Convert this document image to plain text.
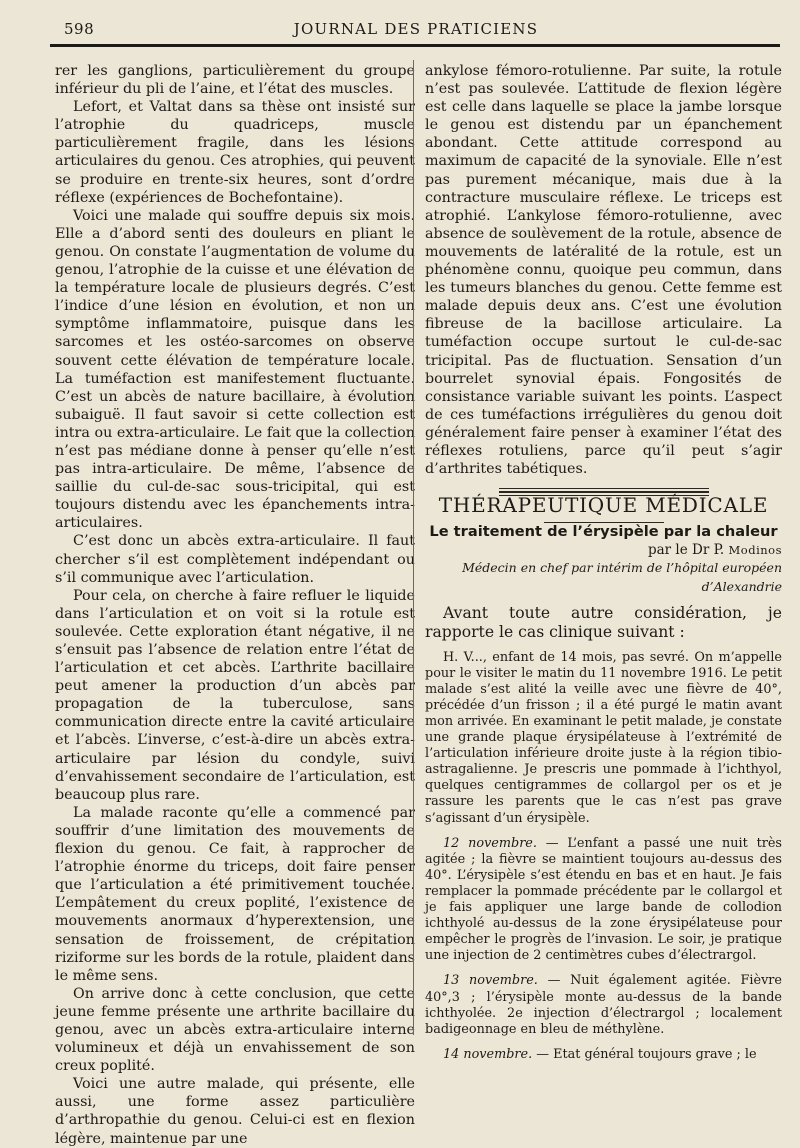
598	JOURNAL DES PRATICIENS

rer les ganglions, particulièrement du groupe inférieur du pli de l’aine, et l’état des muscles.

Lefort, et Valtat dans sa thèse ont insisté sur l’atrophie du quadriceps, muscle particulièrement fragile, dans les lésions articulaires du genou. Ces atrophies, qui peuvent se produire en trente-six heures, sont d’ordre réflexe (expériences de Bochefontaine).

Voici une malade qui souffre depuis six mois. Elle a d’abord senti des douleurs en pliant le genou. On constate l’augmentation de volume du genou, l’atrophie de la cuisse et une élévation de la température locale de plusieurs degrés. C’est l’indice d’une lésion en évolution, et non un symptôme inflammatoire, puisque dans les sarcomes et les ostéo-sarcomes on observe souvent cette élévation de température locale. La tuméfaction est manifestement fluctuante. C’est un abcès de nature bacillaire, à évolution subaiguë. Il faut savoir si cette collection est intra ou extra-articulaire. Le fait que la collection n’est pas médiane donne à penser qu’elle n’est pas intra-articulaire. De même, l’absence de saillie du cul-de-sac sous-tricipital, qui est toujours distendu avec les épanchements intra-articulaires.

C’est donc un abcès extra-articulaire. Il faut chercher s’il est complètement indépendant ou s’il communique avec l’articulation.

Pour cela, on cherche à faire refluer le liquide dans l’articulation et on voit si la rotule est soulevée. Cette exploration étant négative, il ne s’ensuit pas l’absence de relation entre l’état de l’articulation et cet abcès. L’arthrite bacillaire peut amener la production d’un abcès par propagation de la tuberculose, sans communication directe entre la cavité articulaire et l’abcès. L’inverse, c’est-à-dire un abcès extra-articulaire par lésion du condyle, suivi d’envahissement secondaire de l’articulation, est beaucoup plus rare.

La malade raconte qu’elle a commencé par souffrir d’une limitation des mouvements de flexion du genou. Ce fait, à rapprocher de l’atrophie énorme du triceps, doit faire penser que l’articulation a été primitivement touchée. L’empâtement du creux poplité, l’existence de mouvements anormaux d’hyperextension, une sensation de froissement, de crépitation riziforme sur les bords de la rotule, plaident dans le même sens.

On arrive donc à cette conclusion, que cette jeune femme présente une arthrite bacillaire du genou, avec un abcès extra-articulaire interne volumineux et déjà un envahissement de son creux poplité.

Voici une autre malade, qui présente, elle aussi, une forme assez particulière d’arthropathie du genou. Celui-ci est en flexion légère, maintenue par une

ankylose fémoro-rotulienne. Par suite, la rotule n’est pas soulevée. L’attitude de flexion légère est celle dans laquelle se place la jambe lorsque le genou est distendu par un épanchement abondant. Cette attitude correspond au maximum de capacité de la synoviale. Elle n’est pas purement mécanique, mais due à la contracture musculaire réflexe. Le triceps est atrophié. L’ankylose fémoro-rotulienne, avec absence de soulèvement de la rotule, absence de mouvements de latéralité de la rotule, est un phénomène connu, quoique peu commun, dans les tumeurs blanches du genou. Cette femme est malade depuis deux ans. C’est une évolution fibreuse de la bacillose articulaire. La tuméfaction occupe surtout le cul-de-sac tricipital. Pas de fluctuation. Sensation d’un bourrelet synovial épais. Fongosités de consistance variable suivant les points. L’aspect de ces tuméfactions irrégulières du genou doit généralement faire penser à examiner l’état des réflexes rotuliens, parce qu’il peut s’agir d’arthrites tabétiques.

THÉRAPEUTIQUE MÉDICALE

Le traitement de l’érysipèle par la chaleur

par le Dr P. Modinos

Médecin en chef par intérim de l’hôpital européen d’Alexandrie

Avant toute autre considération, je rapporte le cas clinique suivant :

H. V..., enfant de 14 mois, pas sevré. On m’appelle pour le visiter le matin du 11 novembre 1916. Le petit malade s’est alité la veille avec une fièvre de 40°, précédée d’un frisson ; il a été purgé le matin avant mon arrivée. En examinant le petit malade, je constate une grande plaque érysipélateuse à l’extrémité de l’articulation inférieure droite juste à la région tibio-astragalienne. Je prescris une pommade à l’ichthyol, quelques centigrammes de collargol per os et je rassure les parents que le cas n’est pas grave s’agissant d’un érysipèle.

12 novembre. — L’enfant a passé une nuit très agitée ; la fièvre se maintient toujours au-dessus des 40°. L’érysipèle s’est étendu en bas et en haut. Je fais remplacer la pommade précédente par le collargol et je fais appliquer une large bande de collodion ichthyolé au-dessus de la zone érysipélateuse pour empêcher le progrès de l’invasion. Le soir, je pratique une injection de 2 centimètres cubes d’électrargol.

13 novembre. — Nuit également agitée. Fièvre 40°,3 ; l’érysipèle monte au-dessus de la bande ichthyolée. 2e injection d’électrargol ; localement badigeonnage en bleu de méthylène.

14 novembre. — Etat général toujours grave ; le
